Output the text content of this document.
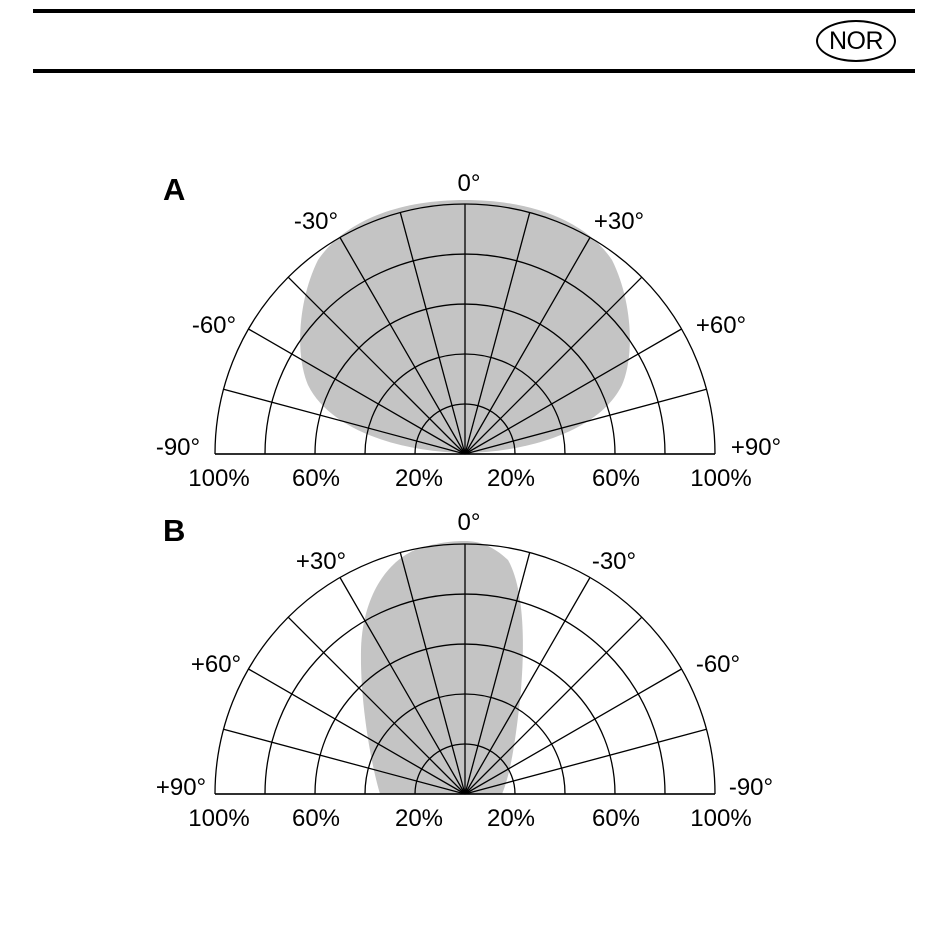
NOR
A	0°
-30°	+30°
-60°	+60°
-90°	+90°
100% 60% 20% 20% 60% 100%
B	0°
+30°	-30°
+60°	-60°
+90°	-90°
100% 60% 20% 20% 60% 100%
